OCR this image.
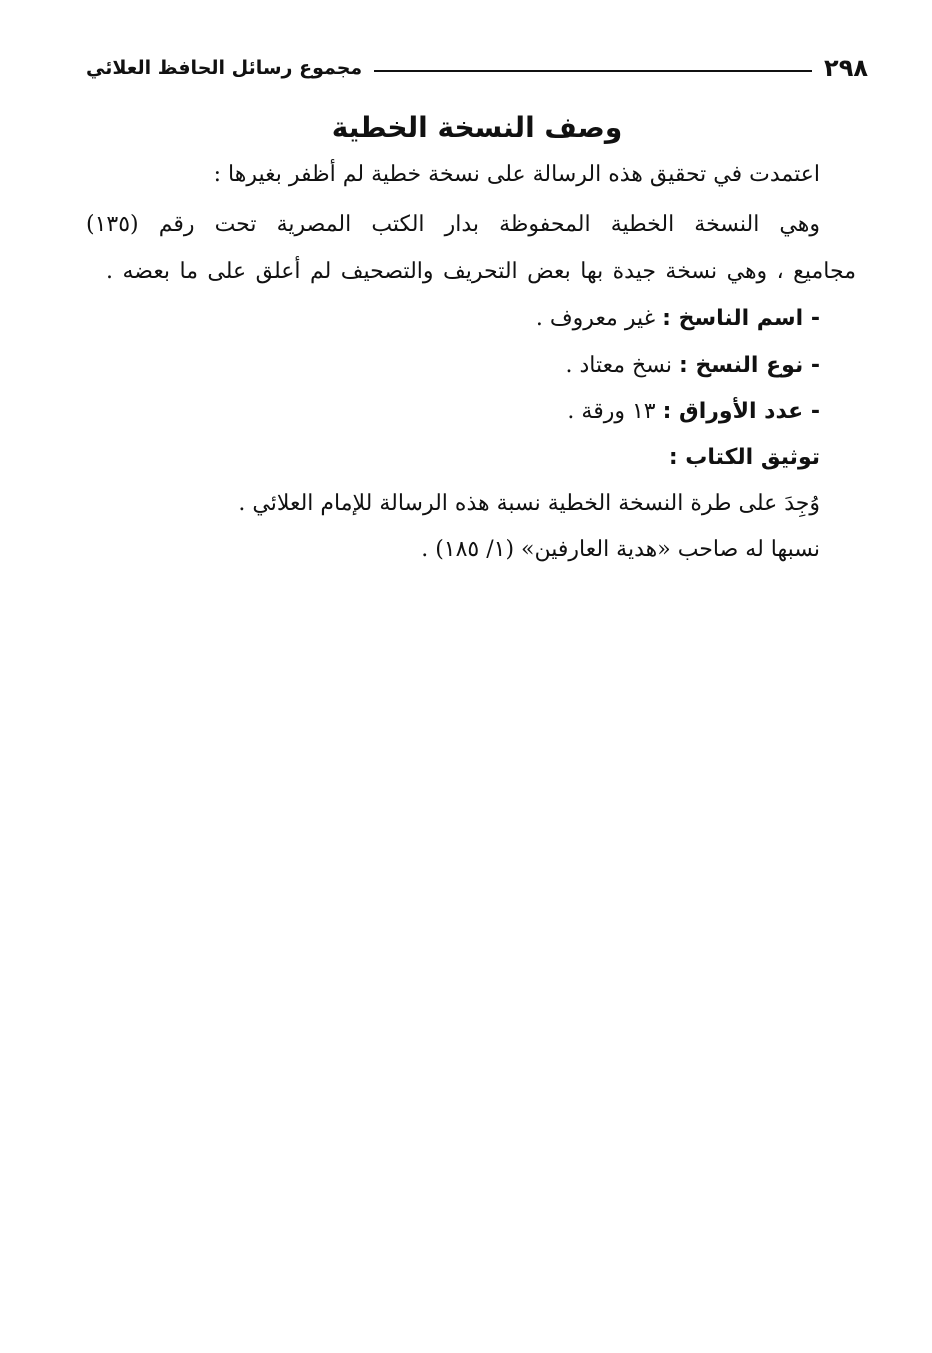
٢٩٨
مجموع رسائل الحافظ العلائي
وصف النسخة الخطية
اعتمدت في تحقيق هذه الرسالة على نسخة خطية لم أظفر بغيرها :
وهي النسخة الخطية المحفوظة بدار الكتب المصرية تحت رقم (١٣٥)
مجاميع ، وهي نسخة جيدة بها بعض التحريف والتصحيف لم أعلق على ما بعضه .
- اسم الناسخ : غير معروف .
- نوع النسخ : نسخ معتاد .
- عدد الأوراق : ١٣ ورقة .
توثيق الكتاب :
وُجِدَ على طرة النسخة الخطية نسبة هذه الرسالة للإمام العلائي .
نسبها له صاحب «هدية العارفين» (١/ ١٨٥) .
